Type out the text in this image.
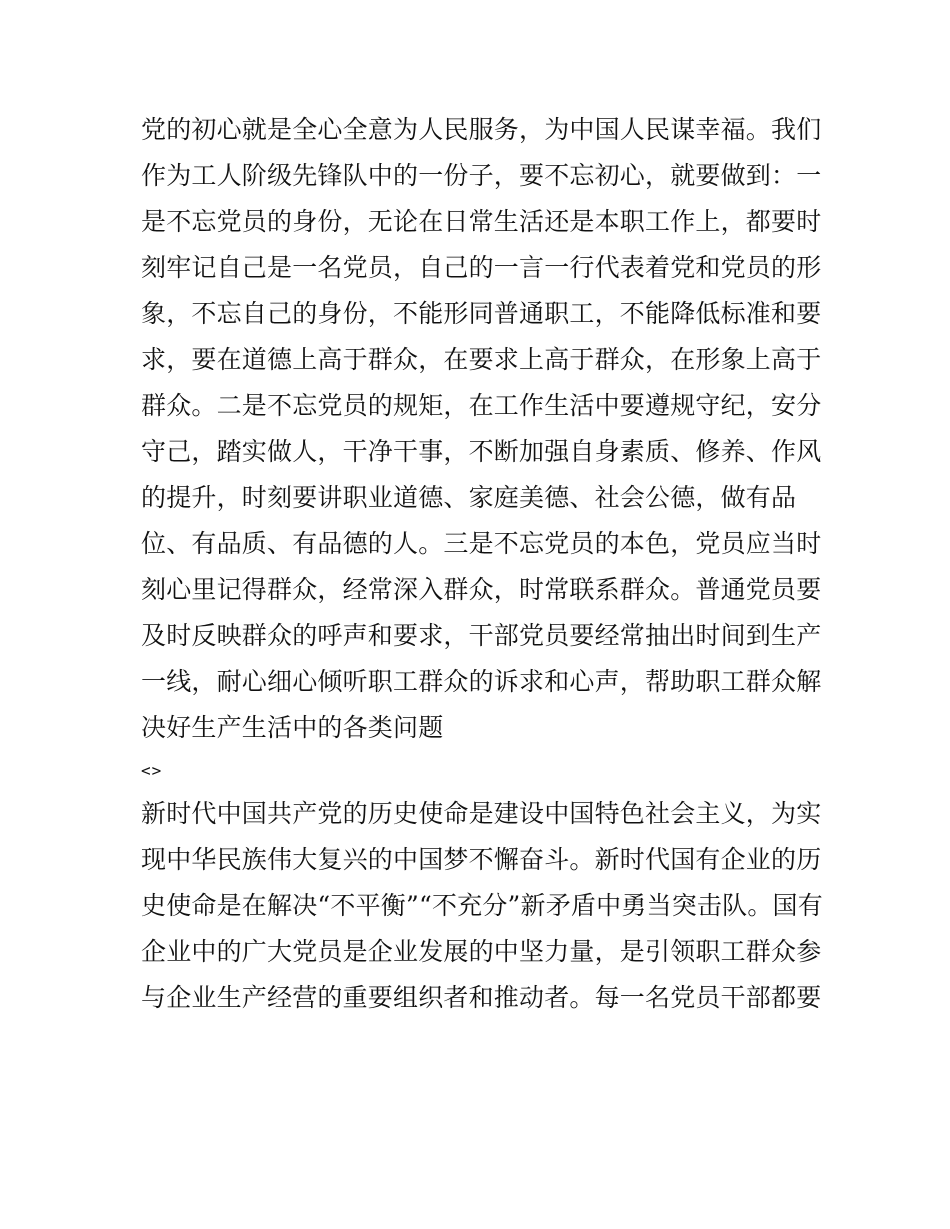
党的初心就是全心全意为人民服务，为中国人民谋幸福。我们
作为工人阶级先锋队中的一份子，要不忘初心，就要做到：一
是不忘党员的身份，无论在日常生活还是本职工作上，都要时
刻牢记自己是一名党员，自己的一言一行代表着党和党员的形
象，不忘自己的身份，不能形同普通职工，不能降低标准和要
求，要在道德上高于群众，在要求上高于群众，在形象上高于
群众。二是不忘党员的规矩，在工作生活中要遵规守纪，安分
守己，踏实做人，干净干事，不断加强自身素质、修养、作风
的提升，时刻要讲职业道德、家庭美德、社会公德，做有品
位、有品质、有品德的人。三是不忘党员的本色，党员应当时
刻心里记得群众，经常深入群众，时常联系群众。普通党员要
及时反映群众的呼声和要求，干部党员要经常抽出时间到生产
一线，耐心细心倾听职工群众的诉求和心声，帮助职工群众解
决好生产生活中的各类问题
<>
新时代中国共产党的历史使命是建设中国特色社会主义，为实
现中华民族伟大复兴的中国梦不懈奋斗。新时代国有企业的历
史使命是在解决“不平衡”“不充分”新矛盾中勇当突击队。国有
企业中的广大党员是企业发展的中坚力量，是引领职工群众参
与企业生产经营的重要组织者和推动者。每一名党员干部都要
